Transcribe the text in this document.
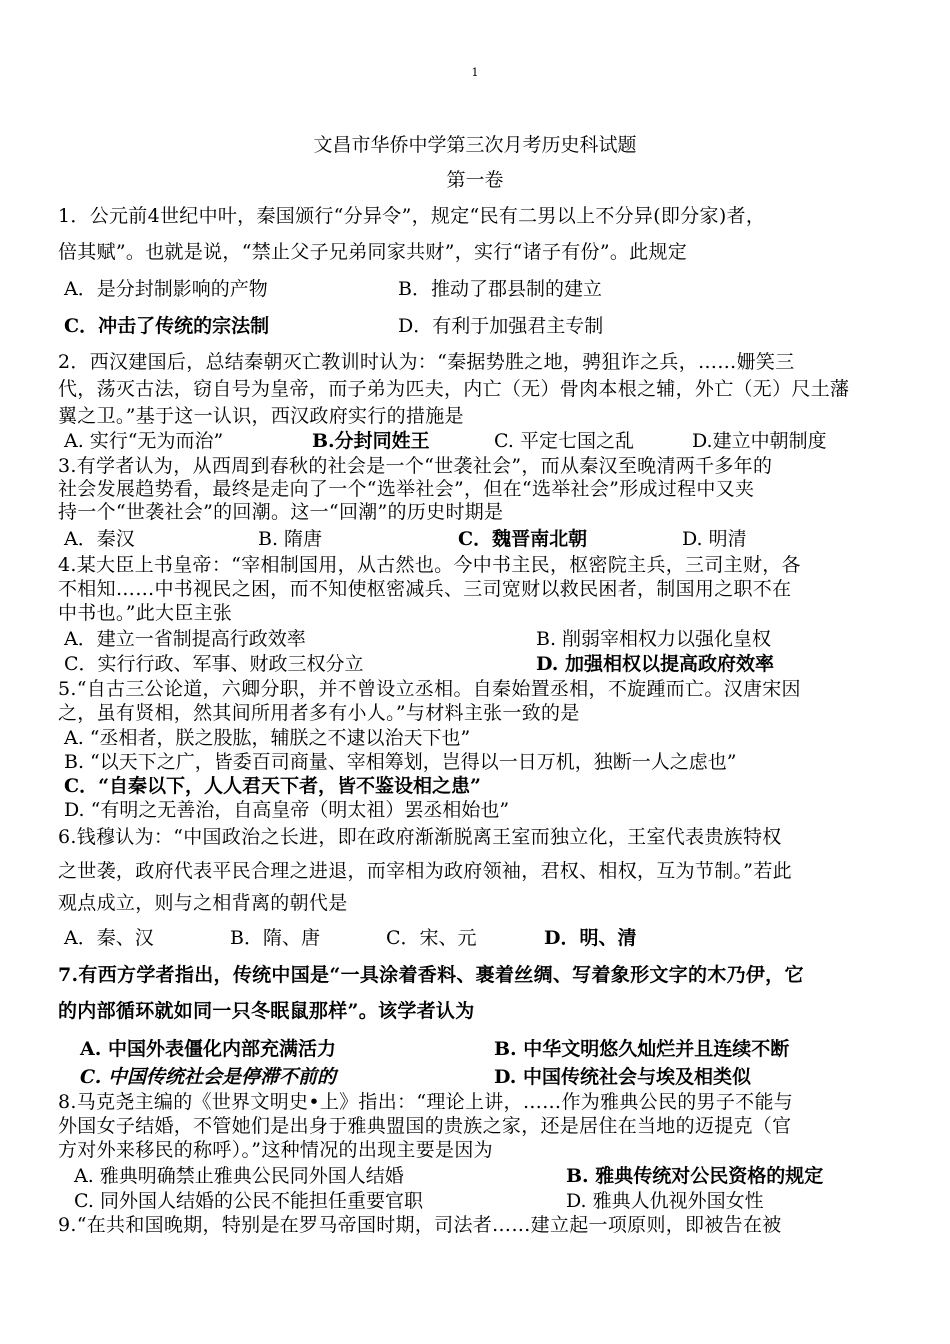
1
文昌市华侨中学第三次月考历史科试题
第一卷
1．公元前4世纪中叶，秦国颁行“分异令”，规定“民有二男以上不分异(即分家)者，
倍其赋”。也就是说，“禁止父子兄弟同家共财”，实行“诸子有份”。此规定
A．是分封制影响的产物	B．推动了郡县制的建立
C．冲击了传统的宗法制	D．有利于加强君主专制
2．西汉建国后，总结秦朝灭亡教训时认为：“秦据势胜之地，骋狙诈之兵，……姗笑三
代，荡灭古法，窃自号为皇帝，而子弟为匹夫，内亡（无）骨肉本根之辅，外亡（无）尺土藩
翼之卫。”基于这一认识，西汉政府实行的措施是
A. 实行“无为而治”	B.分封同姓王	C. 平定七国之乱	D.建立中朝制度
3.有学者认为，从西周到春秋的社会是一个“世袭社会”，而从秦汉至晚清两千多年的
社会发展趋势看，最终是走向了一个“选举社会”，但在“选举社会”形成过程中又夹
持一个“世袭社会”的回潮。这一“回潮”的历史时期是
A．秦汉	B. 隋唐	C．魏晋南北朝	D. 明清
4.某大臣上书皇帝：“宰相制国用，从古然也。今中书主民，枢密院主兵，三司主财，各
不相知……中书视民之困，而不知使枢密减兵、三司宽财以救民困者，制国用之职不在
中书也。”此大臣主张
A．建立一省制提高行政效率	B. 削弱宰相权力以强化皇权
C．实行行政、军事、财政三权分立	D. 加强相权以提高政府效率
5.“自古三公论道，六卿分职，并不曾设立丞相。自秦始置丞相，不旋踵而亡。汉唐宋因
之，虽有贤相，然其间所用者多有小人。”与材料主张一致的是
A. “丞相者，朕之股肱，辅朕之不逮以治天下也”
B. “以天下之广，皆委百司商量、宰相筹划，岂得以一日万机，独断一人之虑也”
C．“自秦以下，人人君天下者，皆不鉴设相之患”
D. “有明之无善治，自高皇帝（明太祖）罢丞相始也”
6.钱穆认为：“中国政治之长进，即在政府渐渐脱离王室而独立化，王室代表贵族特权
之世袭，政府代表平民合理之进退，而宰相为政府领袖，君权、相权，互为节制。”若此
观点成立，则与之相背离的朝代是
A．秦、汉	B．隋、唐	C．宋、元	D．明、清
7.有西方学者指出，传统中国是“一具涂着香料、裹着丝绸、写着象形文字的木乃伊，它
的内部循环就如同一只冬眠鼠那样”。该学者认为
A. 中国外表僵化内部充满活力	B. 中华文明悠久灿烂并且连续不断
C. 中国传统社会是停滞不前的	D. 中国传统社会与埃及相类似
8.马克尧主编的《世界文明史•上》指出：“理论上讲，……作为雅典公民的男子不能与
外国女子结婚，不管她们是出身于雅典盟国的贵族之家，还是居住在当地的迈提克（官
方对外来移民的称呼）。”这种情况的出现主要是因为
A. 雅典明确禁止雅典公民同外国人结婚	B. 雅典传统对公民资格的规定
C. 同外国人结婚的公民不能担任重要官职	D. 雅典人仇视外国女性
9.“在共和国晚期，特别是在罗马帝国时期，司法者……建立起一项原则，即被告在被
